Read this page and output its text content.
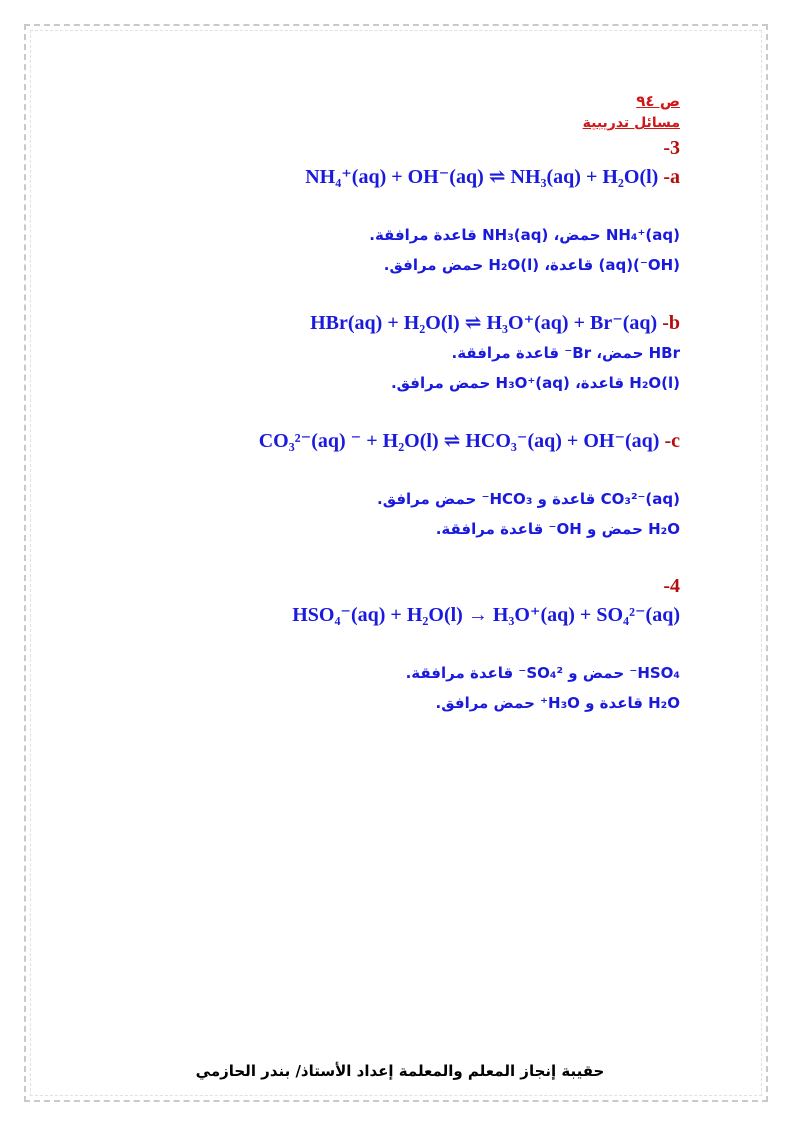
ص ٩٤
مسائل تدريبية
-3
NH₄⁺(aq) + OH⁻(aq) ⇌ NH₃(aq) + H₂O(l) -a
NH₄⁺(aq) حمض، NH₃(aq) قاعدة مرافقة.
(OH⁻)(aq) قاعدة، H₂O(l) حمض مرافق.
HBr(aq) + H₂O(l) ⇌ H₃O⁺(aq) + Br⁻(aq) -b
HBr حمض، Br⁻ قاعدة مرافقة.
H₂O(l) قاعدة، H₃O⁺(aq) حمض مرافق.
CO₃²⁻(aq) ⁻ + H₂O(l) ⇌ HCO₃⁻(aq) + OH⁻(aq) -c
CO₃²⁻(aq) قاعدة و HCO₃⁻ حمض مرافق.
H₂O حمض و OH⁻ قاعدة مرافقة.
-4
HSO₄⁻(aq) + H₂O(l) → H₃O⁺(aq) + SO₄²⁻(aq)
HSO₄⁻ حمض و SO₄²⁻ قاعدة مرافقة.
H₂O قاعدة و H₃O⁺ حمض مرافق.
حقيبة إنجاز المعلم والمعلمة إعداد الأستاذ/ بندر الحازمي
